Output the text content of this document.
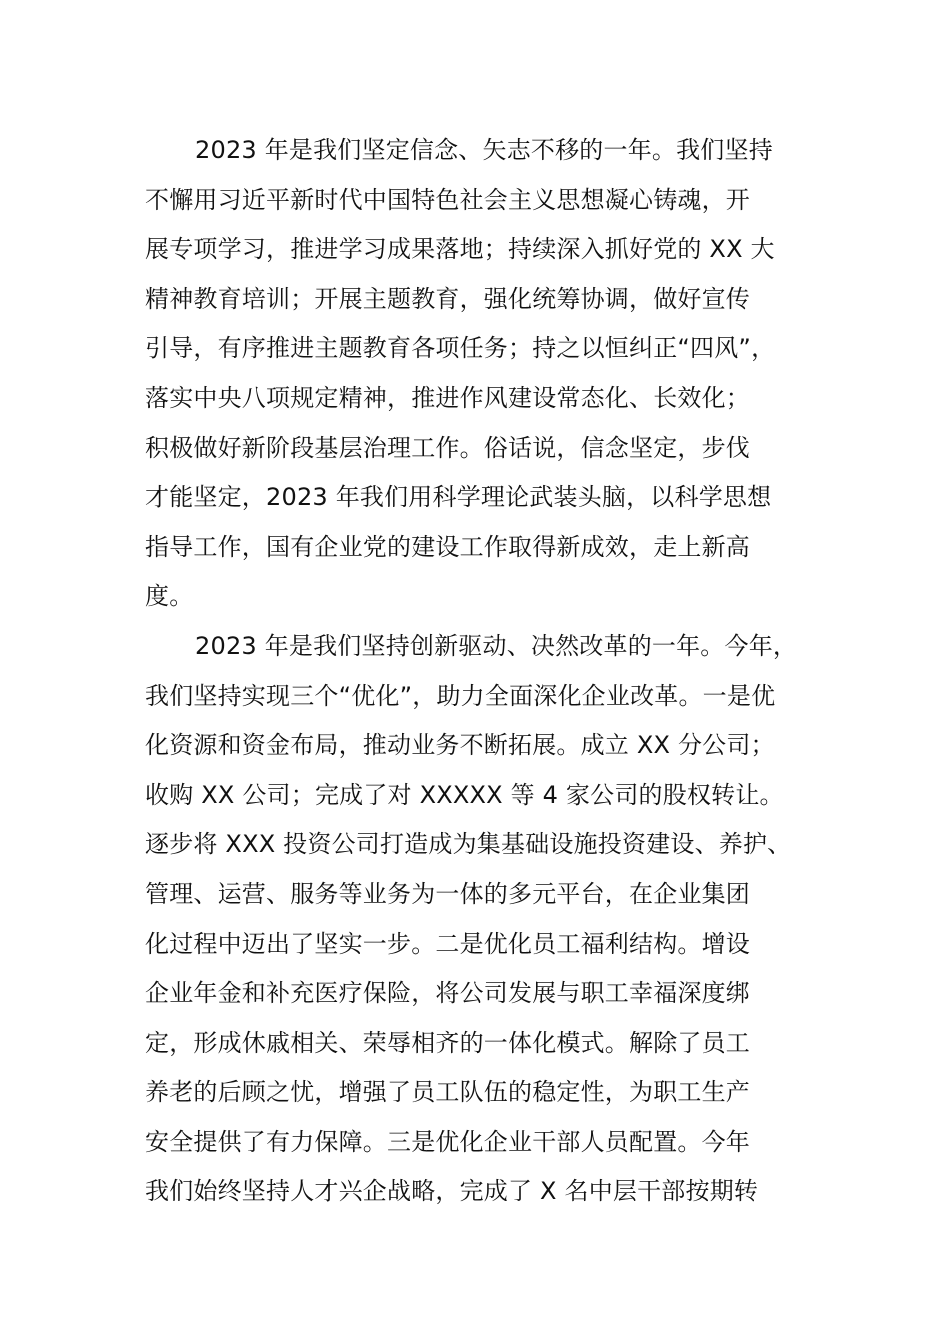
2023 年是我们坚定信念、矢志不移的一年。我们坚持
不懈用习近平新时代中国特色社会主义思想凝心铸魂，开
展专项学习，推进学习成果落地；持续深入抓好党的 XX 大
精神教育培训；开展主题教育，强化统筹协调，做好宣传
引导，有序推进主题教育各项任务；持之以恒纠正“四风”，
落实中央八项规定精神，推进作风建设常态化、长效化；
积极做好新阶段基层治理工作。俗话说，信念坚定，步伐
才能坚定，2023 年我们用科学理论武装头脑，以科学思想
指导工作，国有企业党的建设工作取得新成效，走上新高
度。
2023 年是我们坚持创新驱动、决然改革的一年。今年，
我们坚持实现三个“优化”，助力全面深化企业改革。一是优
化资源和资金布局，推动业务不断拓展。成立 XX 分公司；
收购 XX 公司；完成了对 XXXXX 等 4 家公司的股权转让。
逐步将 XXX 投资公司打造成为集基础设施投资建设、养护、
管理、运营、服务等业务为一体的多元平台，在企业集团
化过程中迈出了坚实一步。二是优化员工福利结构。增设
企业年金和补充医疗保险，将公司发展与职工幸福深度绑
定，形成休戚相关、荣辱相齐的一体化模式。解除了员工
养老的后顾之忧，增强了员工队伍的稳定性，为职工生产
安全提供了有力保障。三是优化企业干部人员配置。今年
我们始终坚持人才兴企战略，完成了 X 名中层干部按期转
